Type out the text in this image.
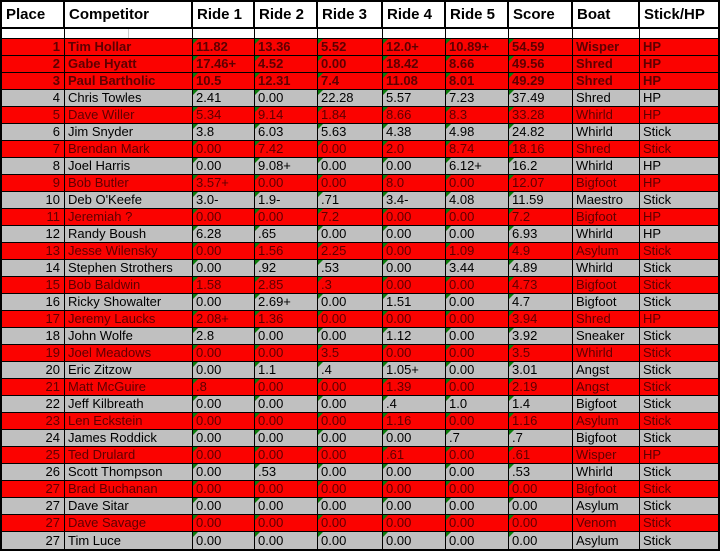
Place	Competitor	Ride 1	Ride 2	Ride 3	Ride 4	Ride 5	Score	Boat	Stick/HP
1 Tim Hollar	11.82	13.36	5.52	12.0+	10.89+	54.59	Wisper	HP
2 Gabe Hyatt	17.46+	4.52	0.00	18.42	8.66	49.56	Shred	HP
3 Paul Bartholic	10.5	12.31	7.4	11.08	8.01	49.29	Shred	HP
4 Chris Towles	2.41	0.00	22.28	5.57	7.23	37.49	Shred	HP
5 Dave Willer	5.34	9.14	1.84	8.66	8.3	33.28	Whirld	HP
6 Jim Snyder	3.8	6.03	5.63	4.38	4.98	24.82	Whirld	Stick
7 Brendan Mark	0.00	7.42	0.00	2.0	8.74	18.16	Shred	Stick
8 Joel Harris	0.00	9.08+	0.00	0.00	6.12+	16.2	Whirld	HP
9 Bob Butler	3.57+	0.00	0.00	8.0	0.00	12.07	Bigfoot	HP
10 Deb O'Keefe	3.0-	1.9-	.71	3.4-	4.08	11.59	Maestro	Stick
11 Jeremiah ?	0.00	0.00	7.2	0.00	0.00	7.2	Bigfoot	HP
12 Randy Boush	6.28	.65	0.00	0.00	0.00	6.93	Whirld	HP
13 Jesse Wilensky	0.00	1.56	2.25	0.00	1.09	4.9	Asylum	Stick
14 Stephen Strothers	0.00	.92	.53	0.00	3.44	4.89	Whirld	Stick
15 Bob Baldwin	1.58	2.85	.3	0.00	0.00	4.73	Bigfoot	Stick
16 Ricky Showalter	0.00	2.69+	0.00	1.51	0.00	4.7	Bigfoot	Stick
17 Jeremy Laucks	2.08+	1.36	0.00	0.00	0.00	3.94	Shred	HP
18 John Wolfe	2.8	0.00	0.00	1.12	0.00	3.92	Sneaker	Stick
19 Joel Meadows	0.00	0.00	3.5	0.00	0.00	3.5	Whirld	Stick
20 Eric Zitzow	0.00	1.1	.4	1.05+	0.00	3.01	Angst	Stick
21 Matt McGuire	.8	0.00	0.00	1.39	0.00	2.19	Angst	Stick
22 Jeff Kilbreath	0.00	0.00	0.00	.4	1.0	1.4	Bigfoot	Stick
23 Len Eckstein	0.00	0.00	0.00	1.16	0.00	1.16	Asylum	Stick
24 James Roddick	0.00	0.00	0.00	0.00	.7	.7	Bigfoot	Stick
25 Ted Drulard	0.00	0.00	0.00	.61	0.00	.61	Wisper	HP
26 Scott Thompson	0.00	.53	0.00	0.00	0.00	.53	Whirld	Stick
27 Brad Buchanan	0.00	0.00	0.00	0.00	0.00	0.00	Bigfoot	Stick
27 Dave Sitar	0.00	0.00	0.00	0.00	0.00	0.00	Asylum	Stick
27 Dave Savage	0.00	0.00	0.00	0.00	0.00	0.00	Venom	Stick
27 Tim Luce	0.00	0.00	0.00	0.00	0.00	0.00	Asylum	Stick
